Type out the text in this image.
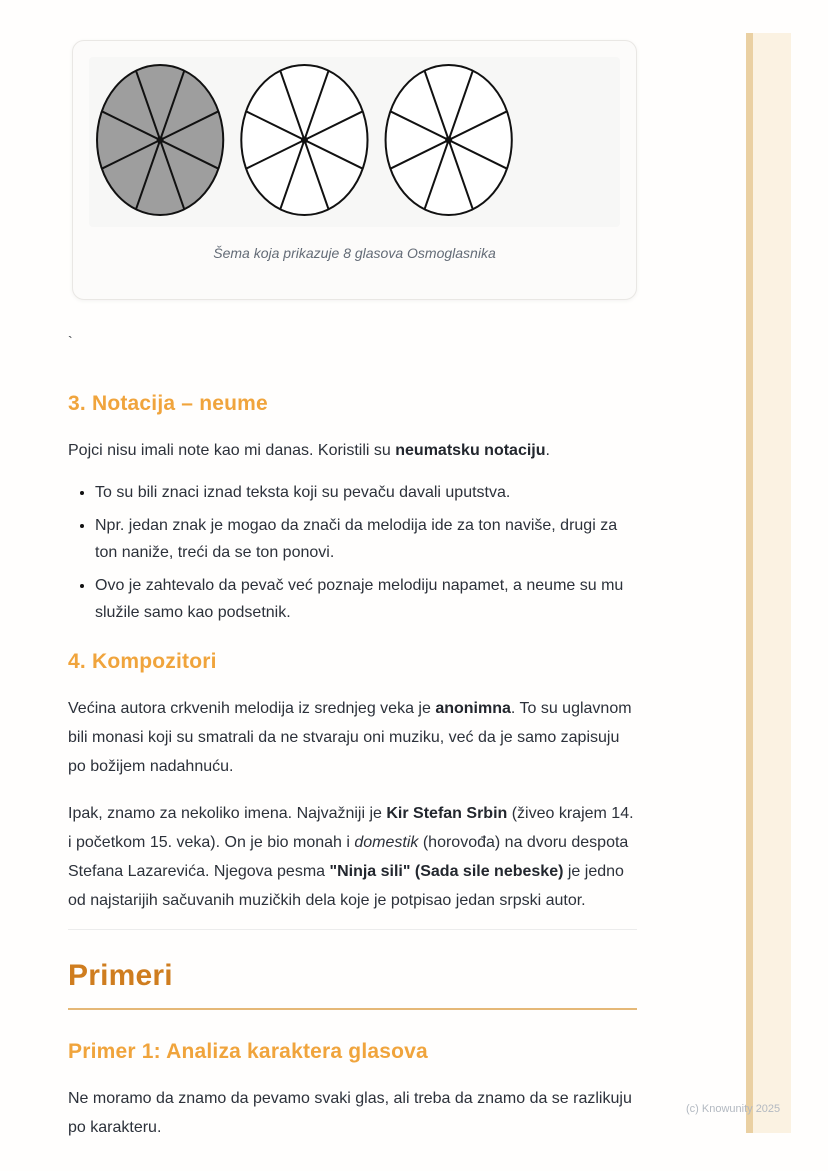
Šema koja prikazuje 8 glasova Osmoglasnika

`

3. Notacija – neume

Pojci nisu imali note kao mi danas. Koristili su neumatsku notaciju.

• To su bili znaci iznad teksta koji su pevaču davali uputstva.
• Npr. jedan znak je mogao da znači da melodija ide za ton naviše, drugi za ton naniže, treći da se ton ponovi.
• Ovo je zahtevalo da pevač već poznaje melodiju napamet, a neume su mu služile samo kao podsetnik.
4. Kompozitori

Većina autora crkvenih melodija iz srednjeg veka je anonimna. To su uglavnom bili monasi koji su smatrali da ne stvaraju oni muziku, već da je samo zapisuju po božijem nadahnuću.

Ipak, znamo za nekoliko imena. Najvažniji je Kir Stefan Srbin (živeo krajem 14. i početkom 15. veka). On je bio monah i domestik (horovođa) na dvoru despota Stefana Lazarevića. Njegova pesma "Ninja sili" (Sada sile nebeske) je jedno od najstarijih sačuvanih muzičkih dela koje je potpisao jedan srpski autor.

Primeri
Primer 1: Analiza karaktera glasova

Ne moramo da znamo da pevamo svaki glas, ali treba da znamo da se razlikuju po karakteru.

(c) Knowunity 2025
